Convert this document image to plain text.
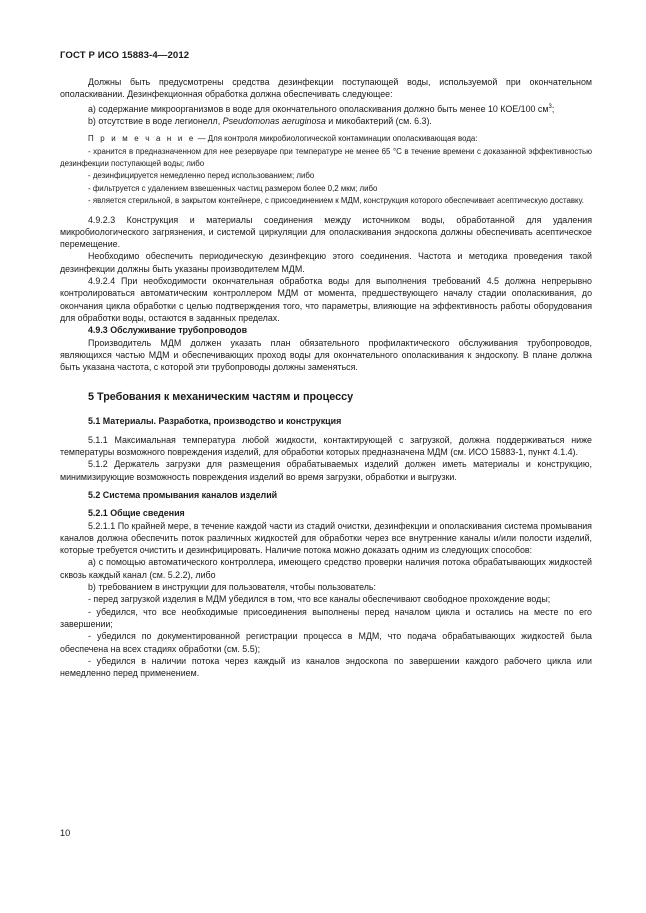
ГОСТ Р ИСО 15883-4—2012

Должны быть предусмотрены средства дезинфекции поступающей воды, используемой при окончательном ополаскивании. Дезинфекционная обработка должна обеспечивать следующее:

а) содержание микроорганизмов в воде для окончательного ополаскивания должно быть менее 10 КОЕ/100 $см^3$;

b) отсутствие в воде легионелл, Pseudomonas aeruginosa и микобактерий (см. 6.3).

П р и м е ч а н и е — Для контроля микробиологической контаминации ополаскивающая вода:

- хранится в предназначенном для нее резервуаре при температуре не менее 65 °С в течение времени с доказанной эффективностью дезинфекции поступающей воды; либо

- дезинфицируется немедленно перед использованием; либо

- фильтруется с удалением взвешенных частиц размером более 0,2 мкм; либо

- является стерильной, в закрытом контейнере, с присоединением к МДМ, конструкция которого обеспечивает асептическую доставку.

4.9.2.3 Конструкция и материалы соединения между источником воды, обработанной для удаления микробиологического загрязнения, и системой циркуляции для ополаскивания эндоскопа должны обеспечивать асептическое перемещение.

Необходимо обеспечить периодическую дезинфекцию этого соединения. Частота и методика проведения такой дезинфекции должны быть указаны производителем МДМ.

4.9.2.4 При необходимости окончательная обработка воды для выполнения требований 4.5 должна непрерывно контролироваться автоматическим контроллером МДМ от момента, предшествующего началу стадии ополаскивания, до окончания цикла обработки с целью подтверждения того, что параметры, влияющие на эффективность работы оборудования для обработки воды, остаются в заданных пределах.

4.9.3 Обслуживание трубопроводов

Производитель МДМ должен указать план обязательного профилактического обслуживания трубопроводов, являющихся частью МДМ и обеспечивающих проход воды для окончательного ополаскивания к эндоскопу. В плане должна быть указана частота, с которой эти трубопроводы должны заменяться.

5 Требования к механическим частям и процессу

5.1 Материалы. Разработка, производство и конструкция

5.1.1 Максимальная температура любой жидкости, контактирующей с загрузкой, должна поддерживаться ниже температуры возможного повреждения изделий, для обработки которых предназначена МДМ (см. ИСО 15883-1, пункт 4.1.4).

5.1.2 Держатель загрузки для размещения обрабатываемых изделий должен иметь материалы и конструкцию, минимизирующие возможность повреждения изделий во время загрузки, обработки и выгрузки.

5.2 Система промывания каналов изделий

5.2.1 Общие сведения

5.2.1.1 По крайней мере, в течение каждой части из стадий очистки, дезинфекции и ополаскивания система промывания каналов должна обеспечить поток различных жидкостей для обработки через все внутренние каналы и/или полости изделий, которые требуется очистить и дезинфицировать. Наличие потока можно доказать одним из следующих способов:

а) с помощью автоматического контроллера, имеющего средство проверки наличия потока обрабатывающих жидкостей сквозь каждый канал (см. 5.2.2), либо

b) требованием в инструкции для пользователя, чтобы пользователь:

- перед загрузкой изделия в МДМ убедился в том, что все каналы обеспечивают свободное прохождение воды;

- убедился, что все необходимые присоединения выполнены перед началом цикла и остались на месте по его завершении;

- убедился по документированной регистрации процесса в МДМ, что подача обрабатывающих жидкостей была обеспечена на всех стадиях обработки (см. 5.5);

- убедился в наличии потока через каждый из каналов эндоскопа по завершении каждого рабочего цикла или немедленно перед применением.

10
